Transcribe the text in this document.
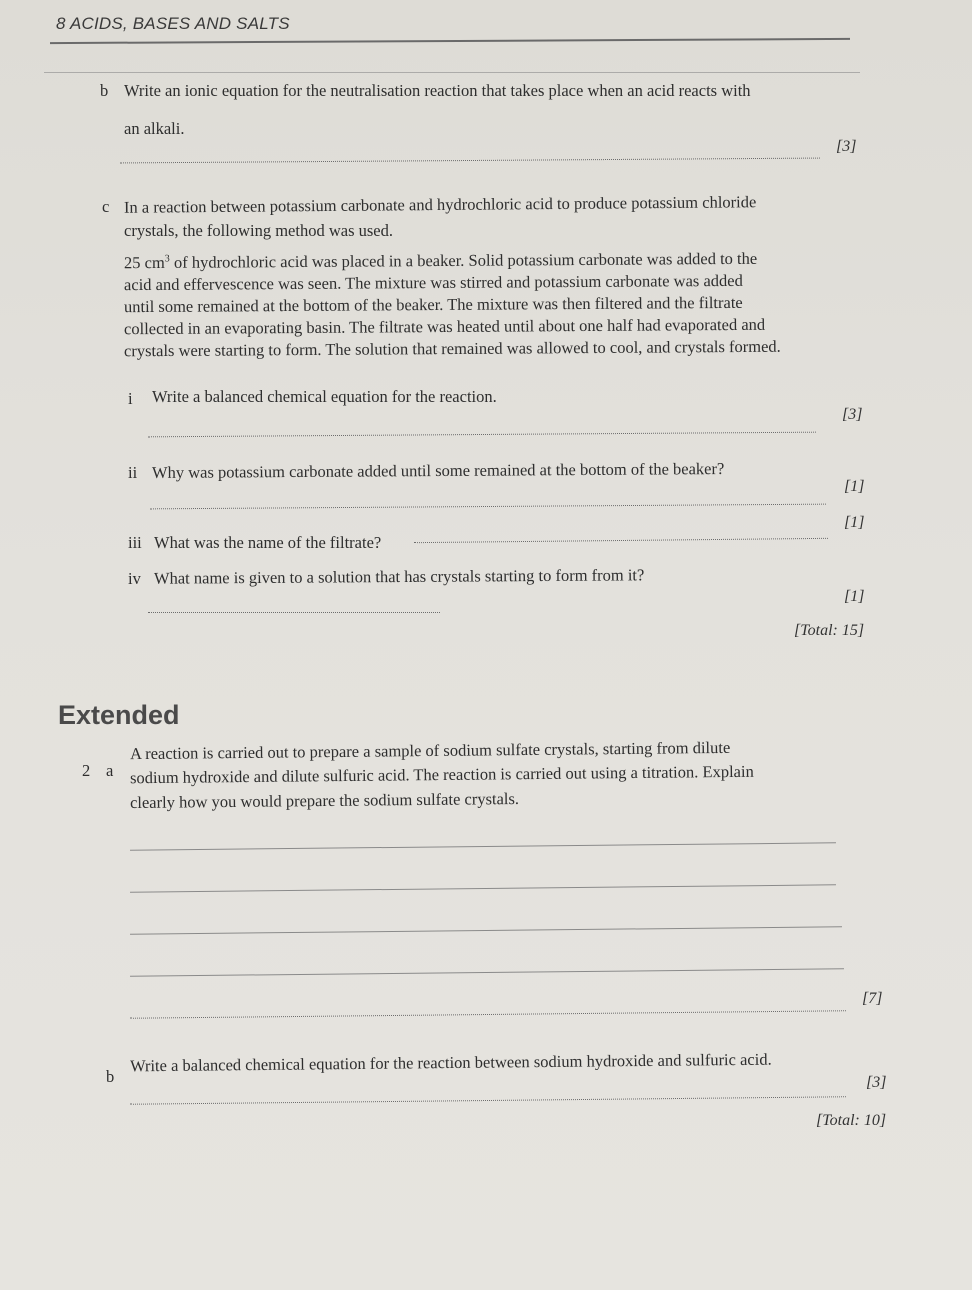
8 ACIDS, BASES AND SALTS
b Write an ionic equation for the neutralisation reaction that takes place when an acid reacts with
an alkali.
[3]
c In a reaction between potassium carbonate and hydrochloric acid to produce potassium chloride
crystals, the following method was used.
25 $cm^3$ of hydrochloric acid was placed in a beaker. Solid potassium carbonate was added to the
acid and effervescence was seen. The mixture was stirred and potassium carbonate was added
until some remained at the bottom of the beaker. The mixture was then filtered and the filtrate
collected in an evaporating basin. The filtrate was heated until about one half had evaporated and
crystals were starting to form. The solution that remained was allowed to cool, and crystals formed.
i Write a balanced chemical equation for the reaction.
[3]
ii Why was potassium carbonate added until some remained at the bottom of the beaker?
[1]
iii What was the name of the filtrate?
[1]
iv What name is given to a solution that has crystals starting to form from it?
[1]
[Total: 15]
Extended
2 a
A reaction is carried out to prepare a sample of sodium sulfate crystals, starting from dilute
sodium hydroxide and dilute sulfuric acid. The reaction is carried out using a titration. Explain
clearly how you would prepare the sodium sulfate crystals.
[7]
b
Write a balanced chemical equation for the reaction between sodium hydroxide and sulfuric acid.
[3]
[Total: 10]
